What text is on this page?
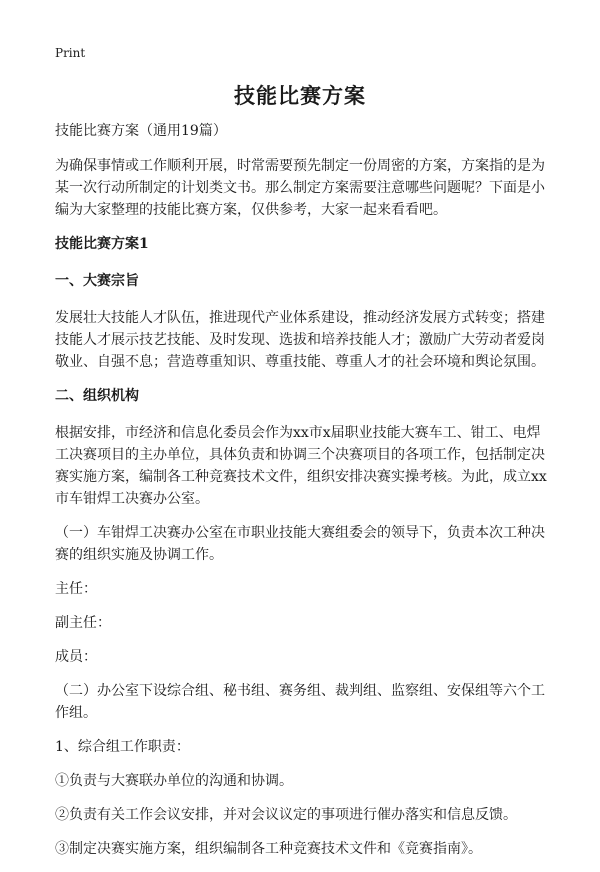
Print
技能比赛方案

技能比赛方案（通用19篇）

为确保事情或工作顺利开展，时常需要预先制定一份周密的方案，方案指的是为某一次行动所制定的计划类文书。那么制定方案需要注意哪些问题呢？下面是小编为大家整理的技能比赛方案，仅供参考，大家一起来看看吧。

技能比赛方案1

一、大赛宗旨

发展壮大技能人才队伍，推进现代产业体系建设，推动经济发展方式转变；搭建技能人才展示技艺技能、及时发现、选拔和培养技能人才；激励广大劳动者爱岗敬业、自强不息；营造尊重知识、尊重技能、尊重人才的社会环境和舆论氛围。

二、组织机构

根据安排，市经济和信息化委员会作为xx市x届职业技能大赛车工、钳工、电焊工决赛项目的主办单位，具体负责和协调三个决赛项目的各项工作，包括制定决赛实施方案，编制各工种竞赛技术文件，组织安排决赛实操考核。为此，成立xx市车钳焊工决赛办公室。

（一）车钳焊工决赛办公室在市职业技能大赛组委会的领导下，负责本次工种决赛的组织实施及协调工作。

主任：

副主任：

成员：

（二）办公室下设综合组、秘书组、赛务组、裁判组、监察组、安保组等六个工作组。

1、综合组工作职责：

①负责与大赛联办单位的沟通和协调。

②负责有关工作会议安排，并对会议议定的事项进行催办落实和信息反馈。

③制定决赛实施方案，组织编制各工种竞赛技术文件和《竞赛指南》。
